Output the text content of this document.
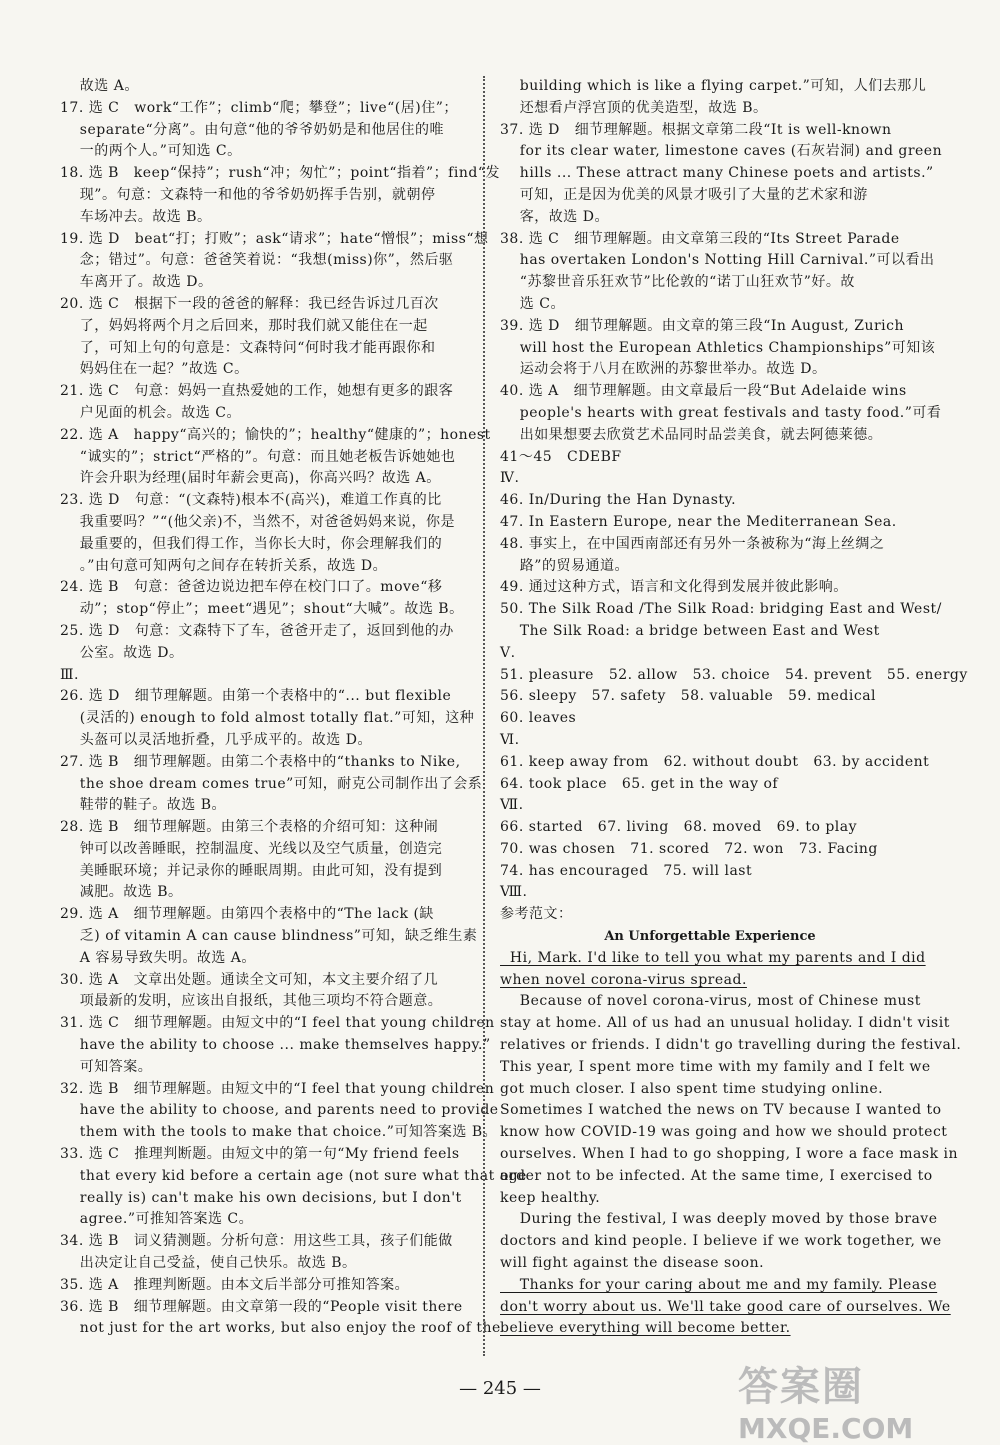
故选 A。
17. 选 C   work“工作”；climb“爬；攀登”；live“(居)住”；
separate“分离”。由句意“他的爷爷奶奶是和他居住的唯
一的两个人。”可知选 C。
18. 选 B   keep“保持”；rush“冲；匆忙”；point“指着”；find“发
现”。句意：文森特一和他的爷爷奶奶挥手告别，就朝停
车场冲去。故选 B。
19. 选 D   beat“打；打败”；ask“请求”；hate“憎恨”；miss“想
念；错过”。句意：爸爸笑着说：“我想(miss)你”，然后驱
车离开了。故选 D。
20. 选 C   根据下一段的爸爸的解释：我已经告诉过几百次
了，妈妈将两个月之后回来，那时我们就又能住在一起
了，可知上句的句意是：文森特问“何时我才能再跟你和
妈妈住在一起？”故选 C。
21. 选 C   句意：妈妈一直热爱她的工作，她想有更多的跟客
户见面的机会。故选 C。
22. 选 A   happy“高兴的；愉快的”；healthy“健康的”；honest
“诚实的”；strict“严格的”。句意：而且她老板告诉她她也
许会升职为经理(届时年薪会更高)，你高兴吗？故选 A。
23. 选 D   句意：“(文森特)根本不(高兴)，难道工作真的比
我重要吗？”“(他父亲)不，当然不，对爸爸妈妈来说，你是
最重要的，但我们得工作，当你长大时，你会理解我们的
。”由句意可知两句之间存在转折关系，故选 D。
24. 选 B   句意：爸爸边说边把车停在校门口了。move“移
动”；stop“停止”；meet“遇见”；shout“大喊”。故选 B。
25. 选 D   句意：文森特下了车，爸爸开走了，返回到他的办
公室。故选 D。
Ⅲ.
26. 选 D   细节理解题。由第一个表格中的“... but flexible
(灵活的) enough to fold almost totally flat.”可知，这种
头盔可以灵活地折叠，几乎成平的。故选 D。
27. 选 B   细节理解题。由第二个表格中的“thanks to Nike,
the shoe dream comes true”可知，耐克公司制作出了会系
鞋带的鞋子。故选 B。
28. 选 B   细节理解题。由第三个表格的介绍可知：这种闹
钟可以改善睡眠，控制温度、光线以及空气质量，创造完
美睡眠环境；并记录你的睡眠周期。由此可知，没有提到
减肥。故选 B。
29. 选 A   细节理解题。由第四个表格中的“The lack (缺
乏) of vitamin A can cause blindness”可知，缺乏维生素
A 容易导致失明。故选 A。
30. 选 A   文章出处题。通读全文可知，本文主要介绍了几
项最新的发明，应该出自报纸，其他三项均不符合题意。
31. 选 C   细节理解题。由短文中的“I feel that young children
have the ability to choose ... make themselves happy.”
可知答案。
32. 选 B   细节理解题。由短文中的“I feel that young children
have the ability to choose, and parents need to provide
them with the tools to make that choice.”可知答案选 B。
33. 选 C   推理判断题。由短文中的第一句“My friend feels
that every kid before a certain age (not sure what that age
really is) can't make his own decisions, but I don't
agree.”可推知答案选 C。
34. 选 B   词义猜测题。分析句意：用这些工具，孩子们能做
出决定让自己受益，使自己快乐。故选 B。
35. 选 A   推理判断题。由本文后半部分可推知答案。
36. 选 B   细节理解题。由文章第一段的“People visit there
not just for the art works, but also enjoy the roof of the
building which is like a flying carpet.”可知，人们去那儿
还想看卢浮宫顶的优美造型，故选 B。
37. 选 D   细节理解题。根据文章第二段“It is well-known
for its clear water, limestone caves (石灰岩洞) and green
hills ... These attract many Chinese poets and artists.”
可知，正是因为优美的风景才吸引了大量的艺术家和游
客，故选 D。
38. 选 C   细节理解题。由文章第三段的“Its Street Parade
has overtaken London's Notting Hill Carnival.”可以看出
“苏黎世音乐狂欢节”比伦敦的“诺丁山狂欢节”好。故
选 C。
39. 选 D   细节理解题。由文章的第三段“In August, Zurich
will host the European Athletics Championships”可知该
运动会将于八月在欧洲的苏黎世举办。故选 D。
40. 选 A   细节理解题。由文章最后一段“But Adelaide wins
people's hearts with great festivals and tasty food.”可看
出如果想要去欣赏艺术品同时品尝美食，就去阿德莱德。
41～45   CDEBF
Ⅳ.
46. In/During the Han Dynasty.
47. In Eastern Europe, near the Mediterranean Sea.
48. 事实上，在中国西南部还有另外一条被称为“海上丝绸之
路”的贸易通道。
49. 通过这种方式，语言和文化得到发展并彼此影响。
50. The Silk Road /The Silk Road: bridging East and West/
The Silk Road: a bridge between East and West
Ⅴ.
51. pleasure   52. allow   53. choice   54. prevent   55. energy
56. sleepy   57. safety   58. valuable   59. medical
60. leaves
Ⅵ.
61. keep away from   62. without doubt   63. by accident
64. took place   65. get in the way of
Ⅶ.
66. started   67. living   68. moved   69. to play
70. was chosen   71. scored   72. won   73. Facing
74. has encouraged   75. will last
Ⅷ.
参考范文：
An Unforgettable Experience
Hi, Mark. I'd like to tell you what my parents and I did
when novel corona-virus spread.
Because of novel corona-virus, most of Chinese must
stay at home. All of us had an unusual holiday. I didn't visit
relatives or friends. I didn't go travelling during the festival.
This year, I spent more time with my family and I felt we
got much closer. I also spent time studying online.
Sometimes I watched the news on TV because I wanted to
know how COVID-19 was going and how we should protect
ourselves. When I had to go shopping, I wore a face mask in
order not to be infected. At the same time, I exercised to
keep healthy.
During the festival, I was deeply moved by those brave
doctors and kind people. I believe if we work together, we
will fight against the disease soon.
Thanks for your caring about me and my family. Please
don't worry about us. We'll take good care of ourselves. We
believe everything will become better.
— 245 —	答案圈
MXQE.COM
